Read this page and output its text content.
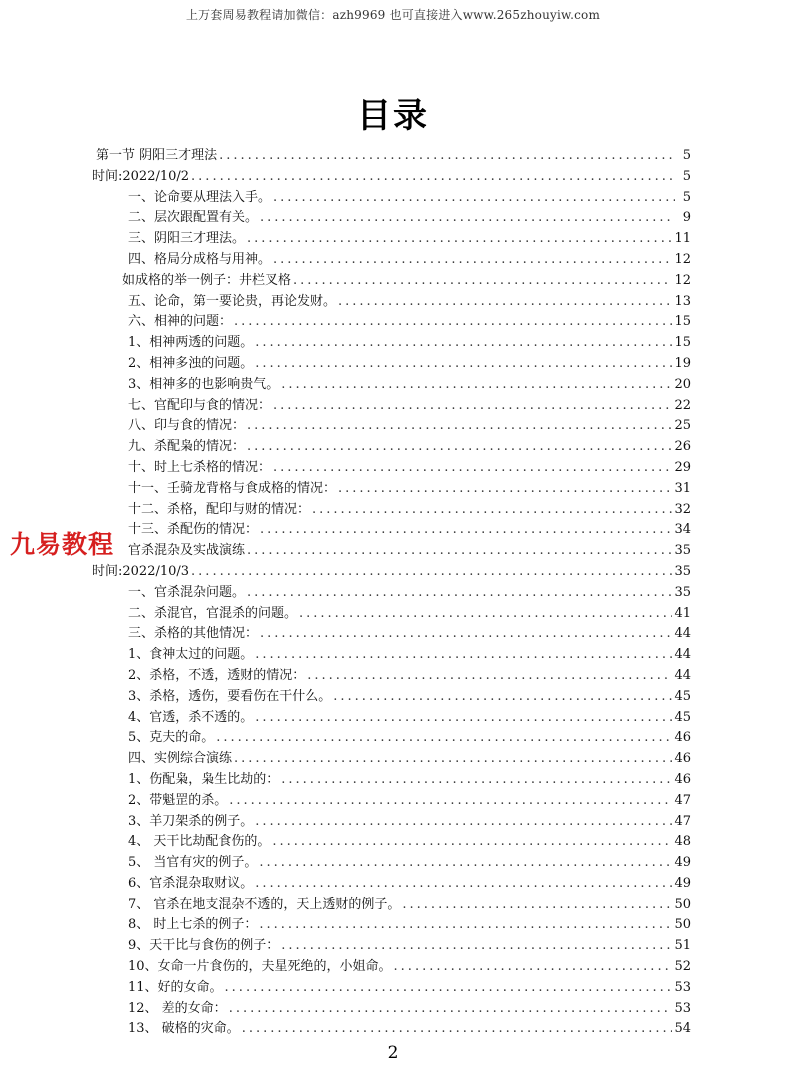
上万套周易教程请加微信：azh9969 也可直接进入www.265zhouyiw.com
目录
第一节 阴阳三才理法 .....	5
时间:2022/10/2 .....	5
一、论命要从理法入手。 .....	5
二、层次跟配置有关。 .....	9
三、阴阳三才理法。 .....	11
四、格局分成格与用神。 .....	12
如成格的举一例子：井栏叉格 .....	12
五、论命，第一要论贵，再论发财。 .....	13
六、相神的问题： .....	15
1、相神两透的问题。 .....	15
2、相神多浊的问题。 .....	19
3、相神多的也影响贵气。 .....	20
七、官配印与食的情况： .....	22
八、印与食的情况： .....	25
九、杀配枭的情况： .....	26
十、时上七杀格的情况： .....	29
十一、壬骑龙背格与食成格的情况： .....	31
十二、杀格，配印与财的情况： .....	32
十三、杀配伤的情况： .....	34
官杀混杂及实战演练 .....	35
时间:2022/10/3 .....	35
一、官杀混杂问题。 .....	35
二、杀混官，官混杀的问题。 .....	41
三、杀格的其他情况： .....	44
1、食神太过的问题。 .....	44
2、杀格，不透，透财的情况： .....	44
3、杀格，透伤，要看伤在干什么。 .....	45
4、官透，杀不透的。 .....	45
5、克夫的命。 .....	46
四、实例综合演练 .....	46
1、伤配枭，枭生比劫的： .....	46
2、带魁罡的杀。 .....	47
3、羊刀架杀的例子。 .....	47
4、 天干比劫配食伤的。 .....	48
5、 当官有灾的例子。 .....	49
6、官杀混杂取财议。 .....	49
7、 官杀在地支混杂不透的，天上透财的例子。 .....	50
8、 时上七杀的例子： .....	50
9、天干比与食伤的例子： .....	51
10、女命一片食伤的，夫星死绝的，小姐命。 .....	52
11、好的女命。 .....	53
12、 差的女命： .....	53
13、 破格的灾命。 .....	54
九易教程
2
